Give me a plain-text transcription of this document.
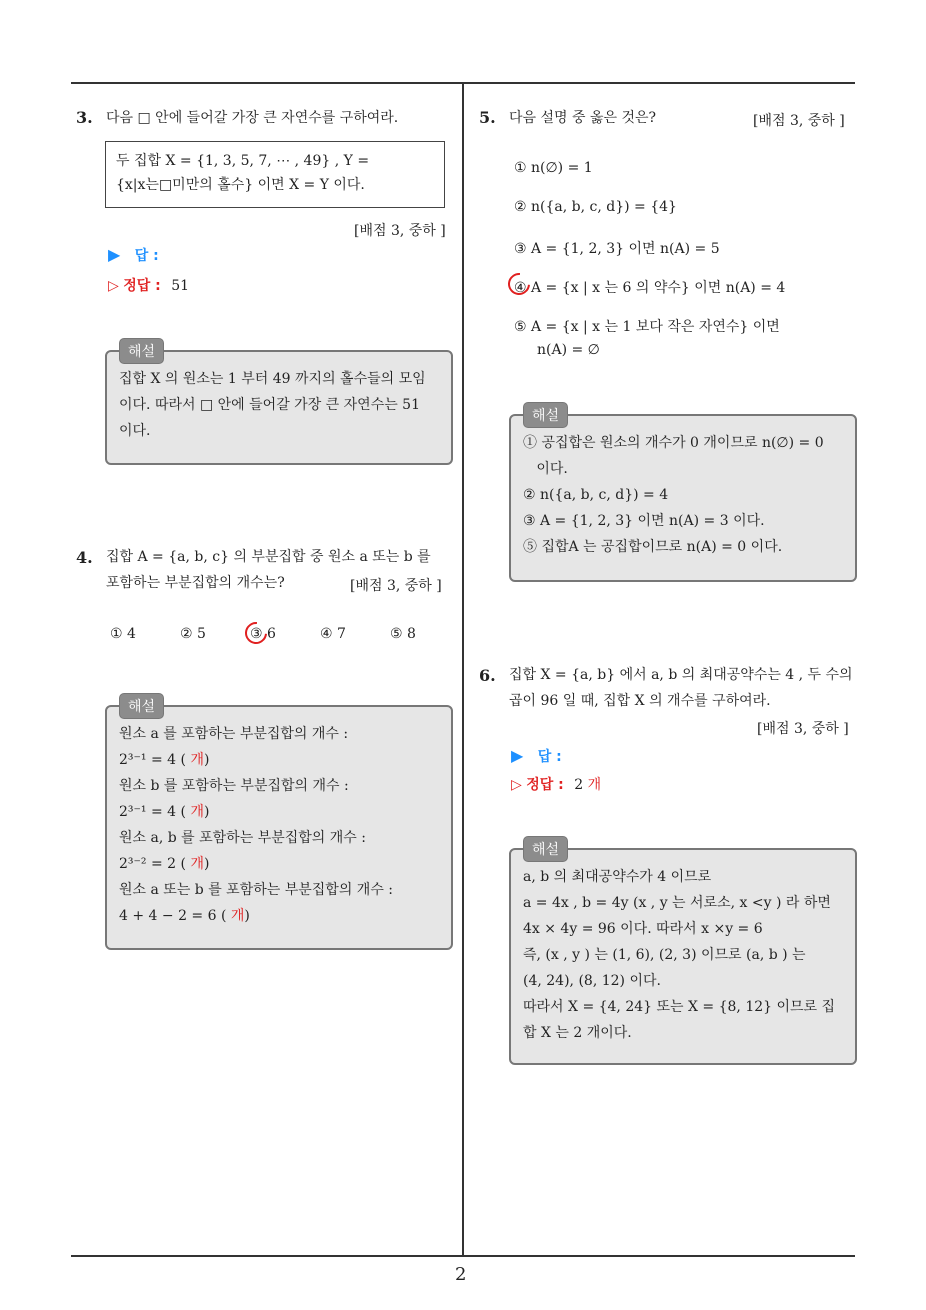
2
3. 다음 □ 안에 들어갈 가장 큰 자연수를 구하여라.
두 집합 X = {1, 3, 5, 7, ⋯ , 49} , Y =
{x|x는□미만의 홀수} 이면 X = Y 이다.
[배점 3, 중하 ]
▶ 답 :
▷ 정답 : 51
집합 X 의 원소는 1 부터 49 까지의 홀수들의 모임
이다. 따라서 □ 안에 들어갈 가장 큰 자연수는 51
이다.
해설
4. 집합 A = {a, b, c} 의 부분집합 중 원소 a 또는 b 를
포함하는 부분집합의 개수는?	[배점 3, 중하 ]
① 4	② 5	③ 6	④ 7	⑤ 8
원소 a 를 포함하는 부분집합의 개수 :
2³⁻¹ = 4 ( 개)
원소 b 를 포함하는 부분집합의 개수 :
2³⁻¹ = 4 ( 개)
원소 a, b 를 포함하는 부분집합의 개수 :
2³⁻² = 2 ( 개)
원소 a 또는 b 를 포함하는 부분집합의 개수 :
4 + 4 − 2 = 6 ( 개)
해설
5. 다음 설명 중 옳은 것은?	[배점 3, 중하 ]
① n(∅) = 1
② n({a, b, c, d}) = {4}
③ A = {1, 2, 3} 이면 n(A) = 5
④ A = {x | x 는 6 의 약수} 이면 n(A) = 4
⑤ A = {x | x 는 1 보다 작은 자연수} 이면
n(A) = ∅
① 공집합은 원소의 개수가 0 개이므로 n(∅) = 0
이다.
② n({a, b, c, d}) = 4
③ A = {1, 2, 3} 이면 n(A) = 3 이다.
⑤ 집합A 는 공집합이므로 n(A) = 0 이다.
해설
6. 집합 X = {a, b} 에서 a, b 의 최대공약수는 4 , 두 수의
곱이 96 일 때, 집합 X 의 개수를 구하여라.
[배점 3, 중하 ]
▶ 답 :
▷ 정답 : 2 개
a, b 의 최대공약수가 4 이므로
a = 4x , b = 4y (x , y 는 서로소, x <y ) 라 하면
4x × 4y = 96 이다. 따라서 x ×y = 6
즉, (x , y ) 는 (1, 6), (2, 3) 이므로 (a, b ) 는
(4, 24), (8, 12) 이다.
따라서 X = {4, 24} 또는 X = {8, 12} 이므로 집
합 X 는 2 개이다.
해설
